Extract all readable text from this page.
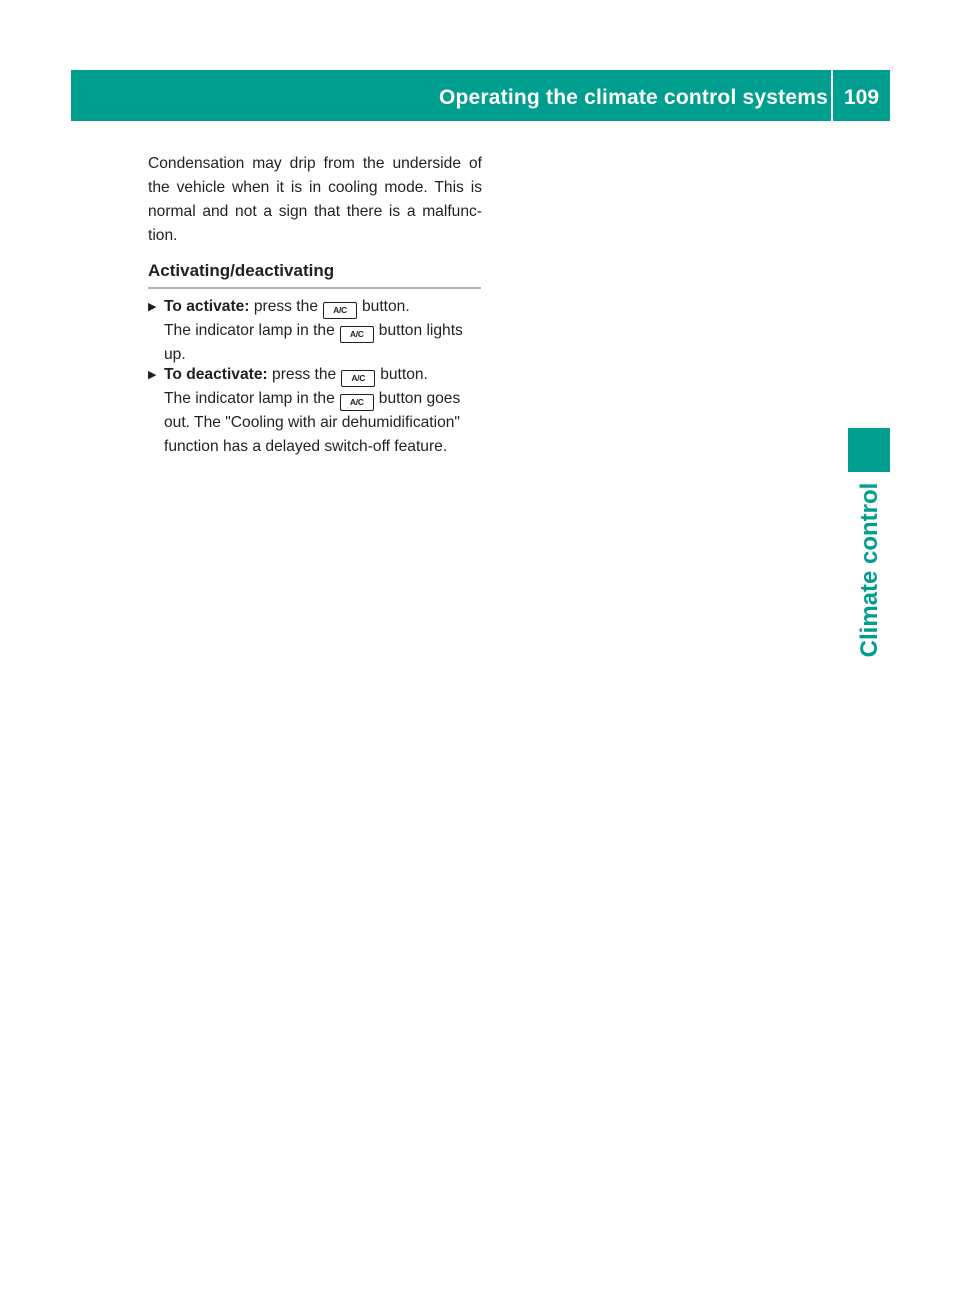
Operating the climate control systems 109
Climate control

Condensation may drip from the underside of the vehicle when it is in cooling mode. This is normal and not a sign that there is a malfunc-tion.

Activating/deactivating
▶ To activate: press the A/C button.
The indicator lamp in the A/C button lights up.
▶ To deactivate: press the A/C button.
The indicator lamp in the A/C button goes out. The "Cooling with air dehumidification" function has a delayed switch-off feature.
